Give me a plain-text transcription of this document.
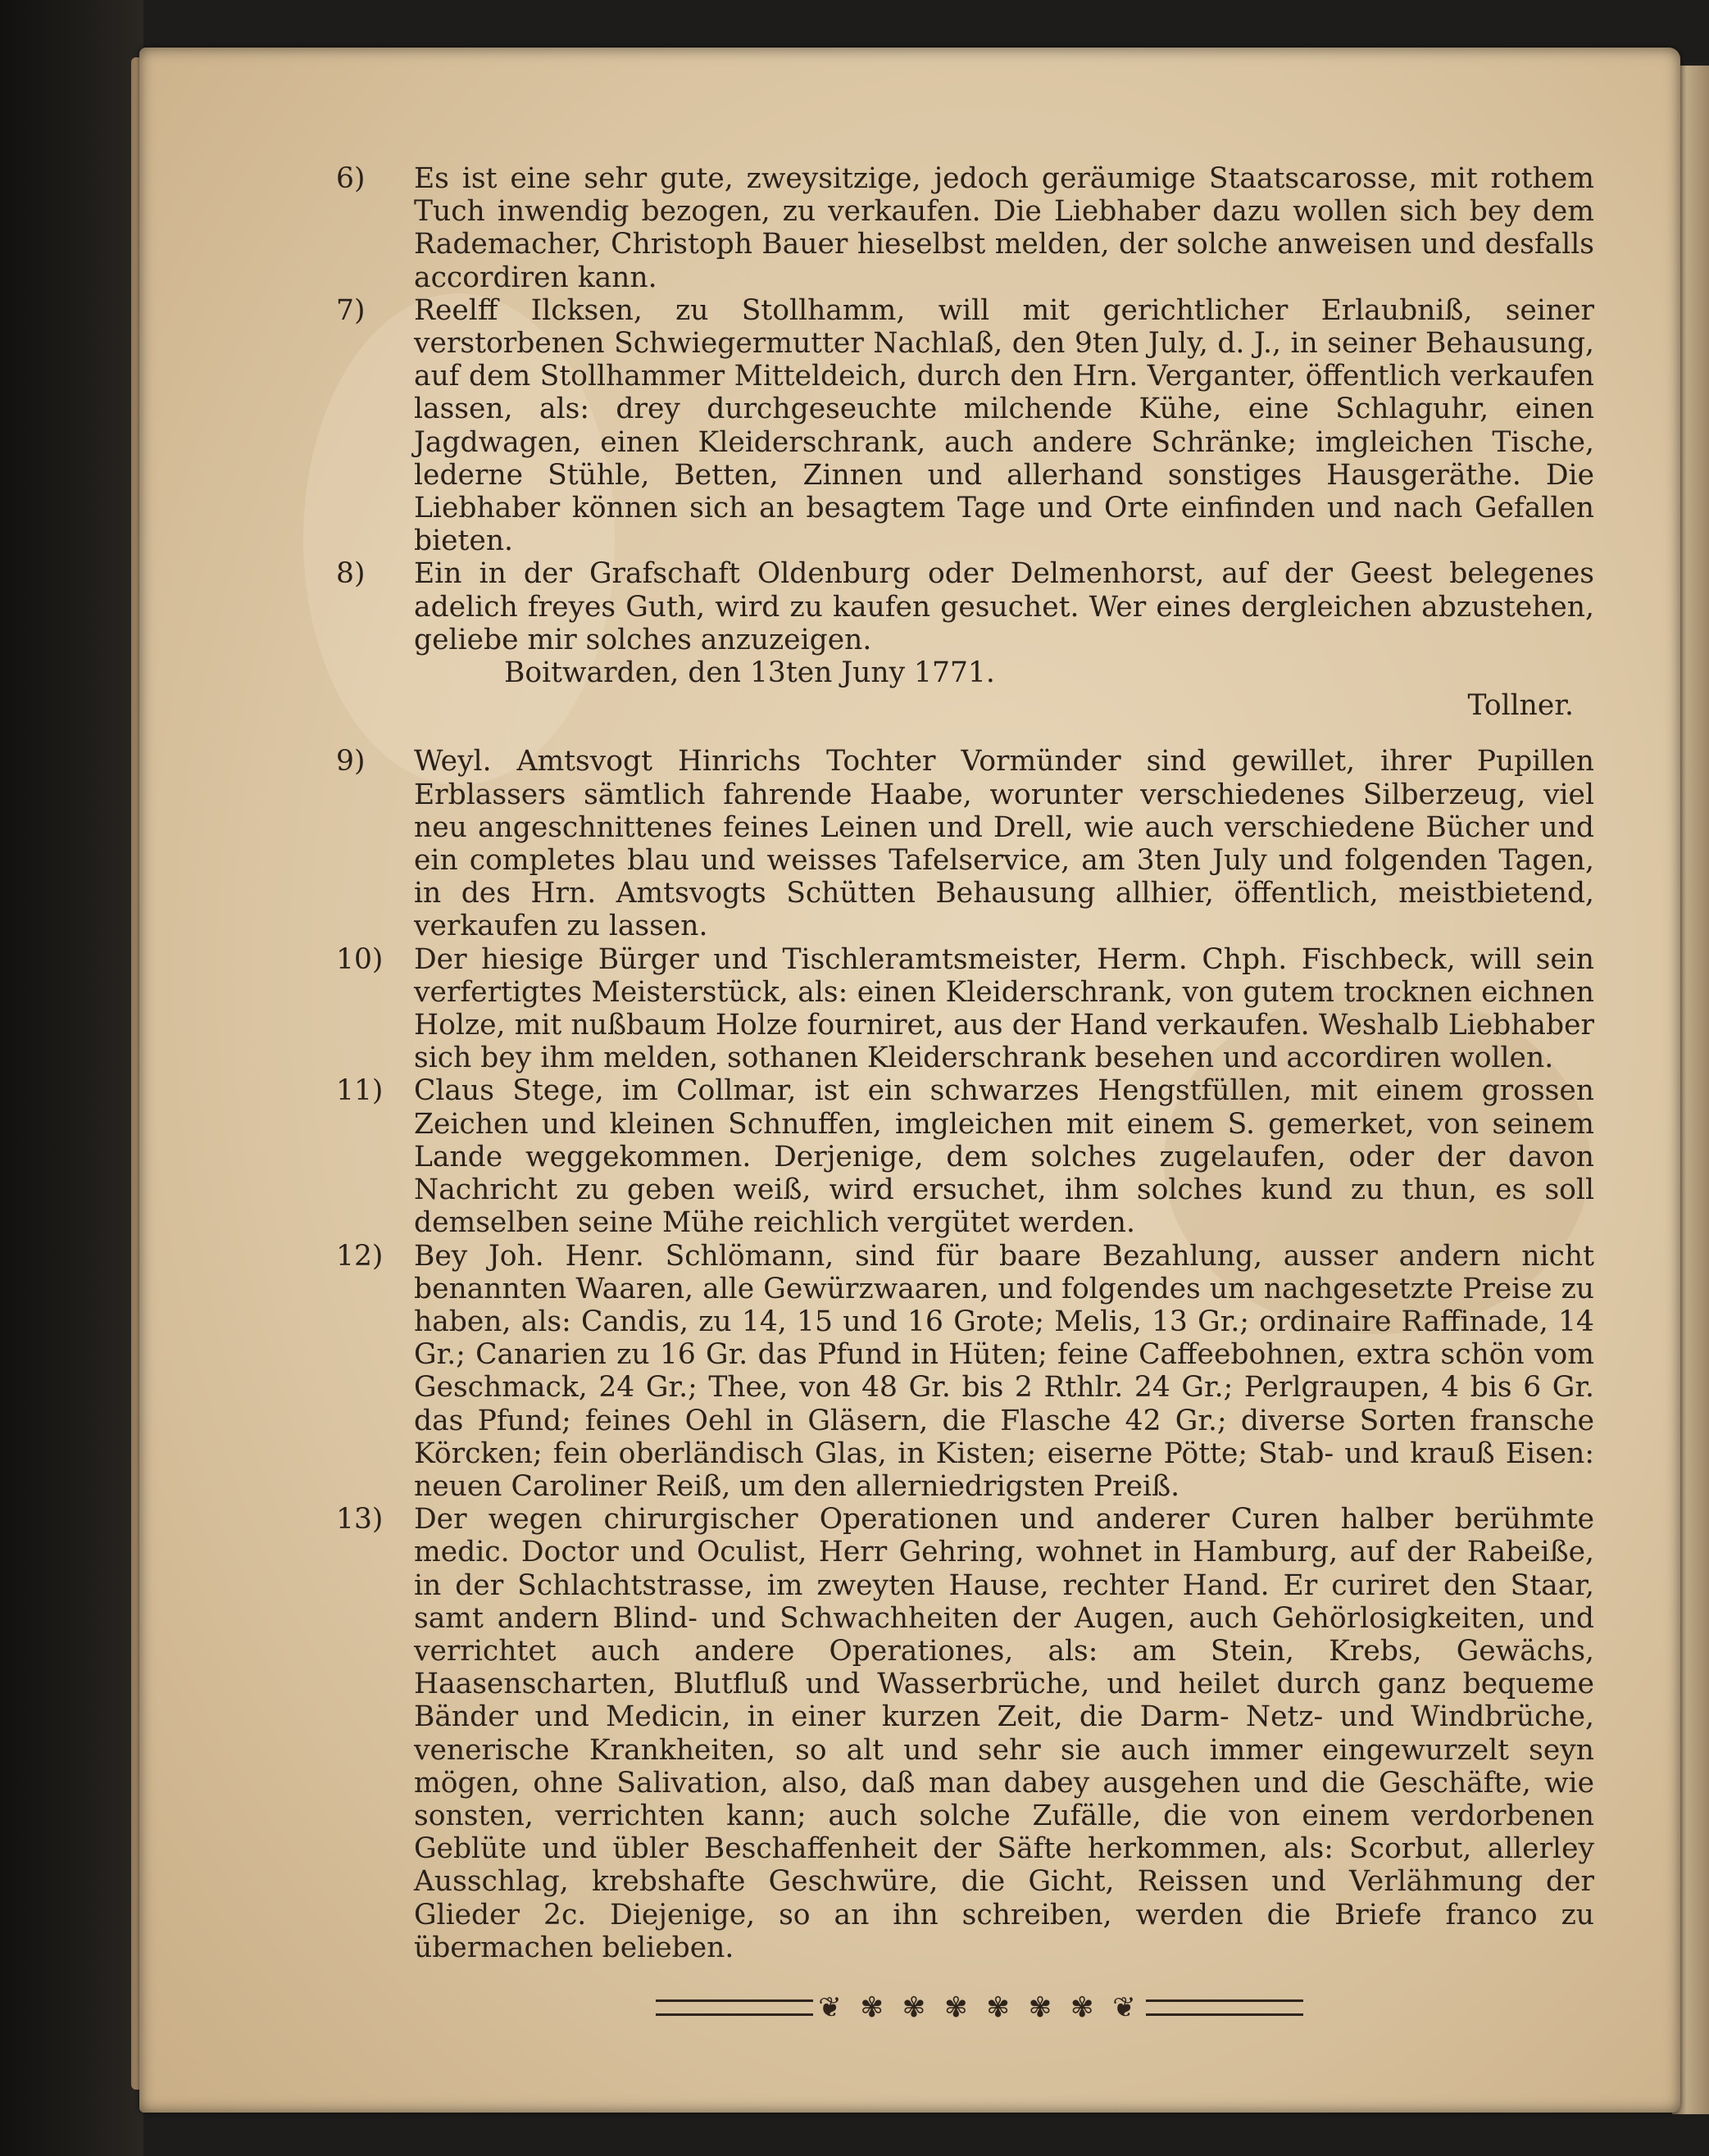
6)	Es ist eine sehr gute, zweysitzige, jedoch geräumige Staatscarosse, mit rothem Tuch inwendig bezogen, zu verkaufen. Die Liebhaber dazu wollen sich bey dem Rademacher, Christoph Bauer hieselbst melden, der solche anweisen und desfalls accordiren kann.
7)	Reelff Ilcksen, zu Stollhamm, will mit gerichtlicher Erlaubniß, seiner verstorbenen Schwiegermutter Nachlaß, den 9ten July, d. J., in seiner Behausung, auf dem Stollhammer Mitteldeich, durch den Hrn. Verganter, öffentlich verkaufen lassen, als: drey durchgeseuchte milchende Kühe, eine Schlaguhr, einen Jagdwagen, einen Kleiderschrank, auch andere Schränke; imgleichen Tische, lederne Stühle, Betten, Zinnen und allerhand sonstiges Hausgeräthe. Die Liebhaber können sich an besagtem Tage und Orte einfinden und nach Gefallen bieten.
8)	Ein in der Grafschaft Oldenburg oder Delmenhorst, auf der Geest belegenes adelich freyes Guth, wird zu kaufen gesuchet. Wer eines dergleichen abzustehen, geliebe mir solches anzuzeigen.
Boitwarden, den 13ten Juny 1771.
Tollner.
9)	Weyl. Amtsvogt Hinrichs Tochter Vormünder sind gewillet, ihrer Pupillen Erblassers sämtlich fahrende Haabe, worunter verschiedenes Silberzeug, viel neu angeschnittenes feines Leinen und Drell, wie auch verschiedene Bücher und ein completes blau und weisses Tafelservice, am 3ten July und folgenden Tagen, in des Hrn. Amtsvogts Schütten Behausung allhier, öffentlich, meistbietend, verkaufen zu lassen.
10)	Der hiesige Bürger und Tischleramtsmeister, Herm. Chph. Fischbeck, will sein verfertigtes Meisterstück, als: einen Kleiderschrank, von gutem trocknen eichnen Holze, mit nußbaum Holze fourniret, aus der Hand verkaufen. Weshalb Liebhaber sich bey ihm melden, sothanen Kleiderschrank besehen und accordiren wollen.
11)	Claus Stege, im Collmar, ist ein schwarzes Hengstfüllen, mit einem grossen Zeichen und kleinen Schnuffen, imgleichen mit einem S. gemerket, von seinem Lande weggekommen. Derjenige, dem solches zugelaufen, oder der davon Nachricht zu geben weiß, wird ersuchet, ihm solches kund zu thun, es soll demselben seine Mühe reichlich vergütet werden.
12)	Bey Joh. Henr. Schlömann, sind für baare Bezahlung, ausser andern nicht benannten Waaren, alle Gewürzwaaren, und folgendes um nachgesetzte Preise zu haben, als: Candis, zu 14, 15 und 16 Grote; Melis, 13 Gr.; ordinaire Raffinade, 14 Gr.; Canarien zu 16 Gr. das Pfund in Hüten; feine Caffeebohnen, extra schön vom Geschmack, 24 Gr.; Thee, von 48 Gr. bis 2 Rthlr. 24 Gr.; Perlgraupen, 4 bis 6 Gr. das Pfund; feines Oehl in Gläsern, die Flasche 42 Gr.; diverse Sorten fransche Körcken; fein oberländisch Glas, in Kisten; eiserne Pötte; Stab- und krauß Eisen: neuen Caroliner Reiß, um den allerniedrigsten Preiß.
13)	Der wegen chirurgischer Operationen und anderer Curen halber berühmte medic. Doctor und Oculist, Herr Gehring, wohnet in Hamburg, auf der Rabeiße, in der Schlachtstrasse, im zweyten Hause, rechter Hand. Er curiret den Staar, samt andern Blind- und Schwachheiten der Augen, auch Gehörlosigkeiten, und verrichtet auch andere Operationes, als: am Stein, Krebs, Gewächs, Haasenscharten, Blutfluß und Wasserbrüche, und heilet durch ganz bequeme Bänder und Medicin, in einer kurzen Zeit, die Darm- Netz- und Windbrüche, venerische Krankheiten, so alt und sehr sie auch immer eingewurzelt seyn mögen, ohne Salivation, also, daß man dabey ausgehen und die Geschäfte, wie sonsten, verrichten kann; auch solche Zufälle, die von einem verdorbenen Geblüte und übler Beschaffenheit der Säfte herkommen, als: Scorbut, allerley Ausschlag, krebshafte Geschwüre, die Gicht, Reissen und Verlähmung der Glieder 2c. Diejenige, so an ihn schreiben, werden die Briefe franco zu übermachen belieben.
❦ ✾ ✾ ✾ ✾ ✾ ✾ ❦
